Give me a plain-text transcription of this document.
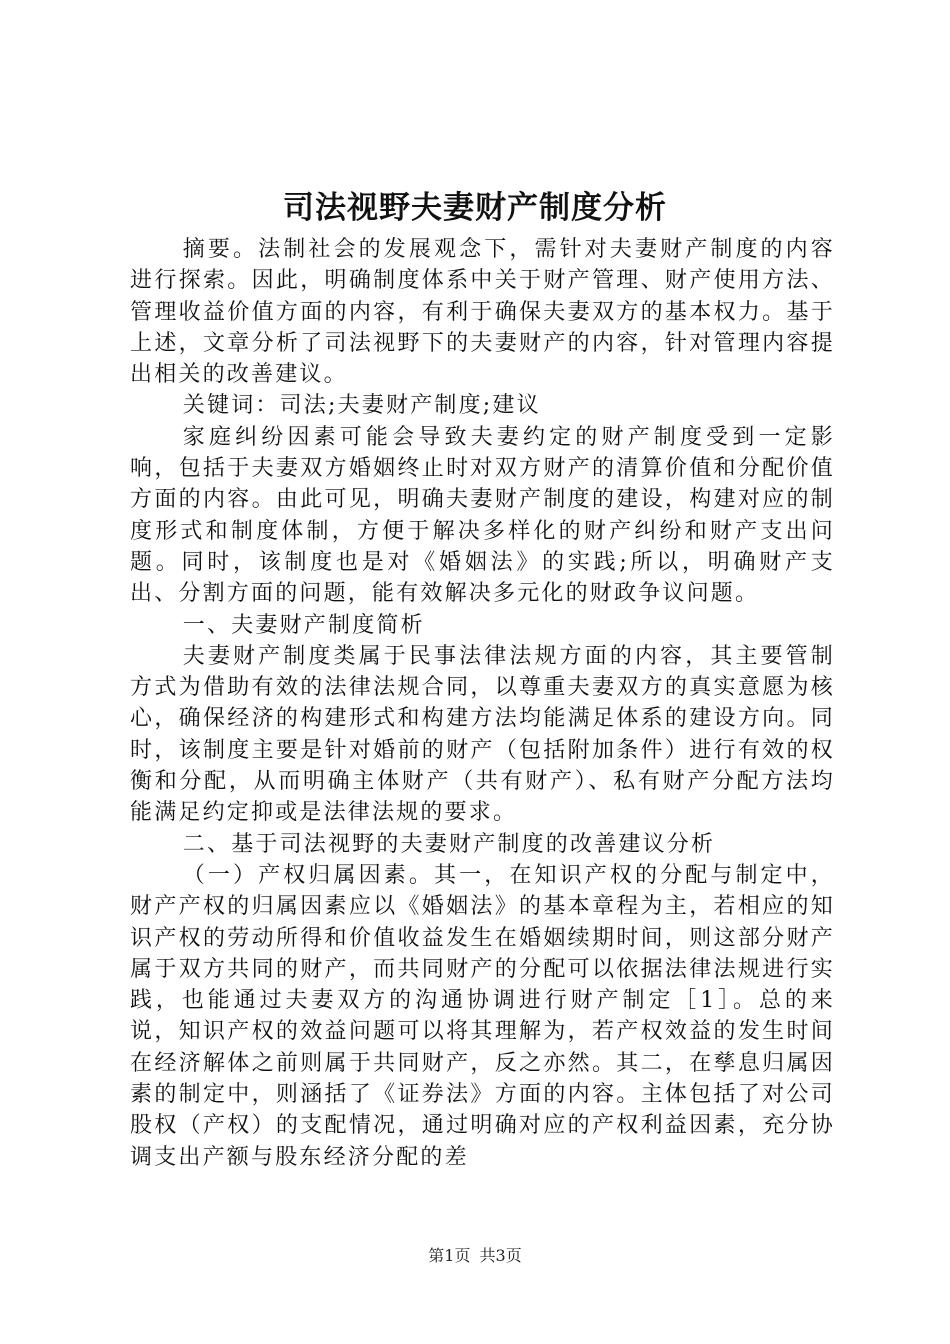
司法视野夫妻财产制度分析

摘要。法制社会的发展观念下，需针对夫妻财产制度的内容进行探索。因此，明确制度体系中关于财产管理、财产使用方法、管理收益价值方面的内容，有利于确保夫妻双方的基本权力。基于上述，文章分析了司法视野下的夫妻财产的内容，针对管理内容提出相关的改善建议。

关键词：司法;夫妻财产制度;建议

家庭纠纷因素可能会导致夫妻约定的财产制度受到一定影响，包括于夫妻双方婚姻终止时对双方财产的清算价值和分配价值方面的内容。由此可见，明确夫妻财产制度的建设，构建对应的制度形式和制度体制，方便于解决多样化的财产纠纷和财产支出问题。同时，该制度也是对《婚姻法》的实践;所以，明确财产支出、分割方面的问题，能有效解决多元化的财政争议问题。

一、夫妻财产制度简析

夫妻财产制度类属于民事法律法规方面的内容，其主要管制方式为借助有效的法律法规合同，以尊重夫妻双方的真实意愿为核心，确保经济的构建形式和构建方法均能满足体系的建设方向。同时，该制度主要是针对婚前的财产（包括附加条件）进行有效的权衡和分配，从而明确主体财产（共有财产）、私有财产分配方法均能满足约定抑或是法律法规的要求。

二、基于司法视野的夫妻财产制度的改善建议分析

（一）产权归属因素。其一，在知识产权的分配与制定中，财产产权的归属因素应以《婚姻法》的基本章程为主，若相应的知识产权的劳动所得和价值收益发生在婚姻续期时间，则这部分财产属于双方共同的财产，而共同财产的分配可以依据法律法规进行实践，也能通过夫妻双方的沟通协调进行财产制定［1］。总的来说，知识产权的效益问题可以将其理解为，若产权效益的发生时间在经济解体之前则属于共同财产，反之亦然。其二，在孳息归属因素的制定中，则涵括了《证券法》方面的内容。主体包括了对公司股权（产权）的支配情况，通过明确对应的产权利益因素，充分协调支出产额与股东经济分配的差

第1页 共3页
